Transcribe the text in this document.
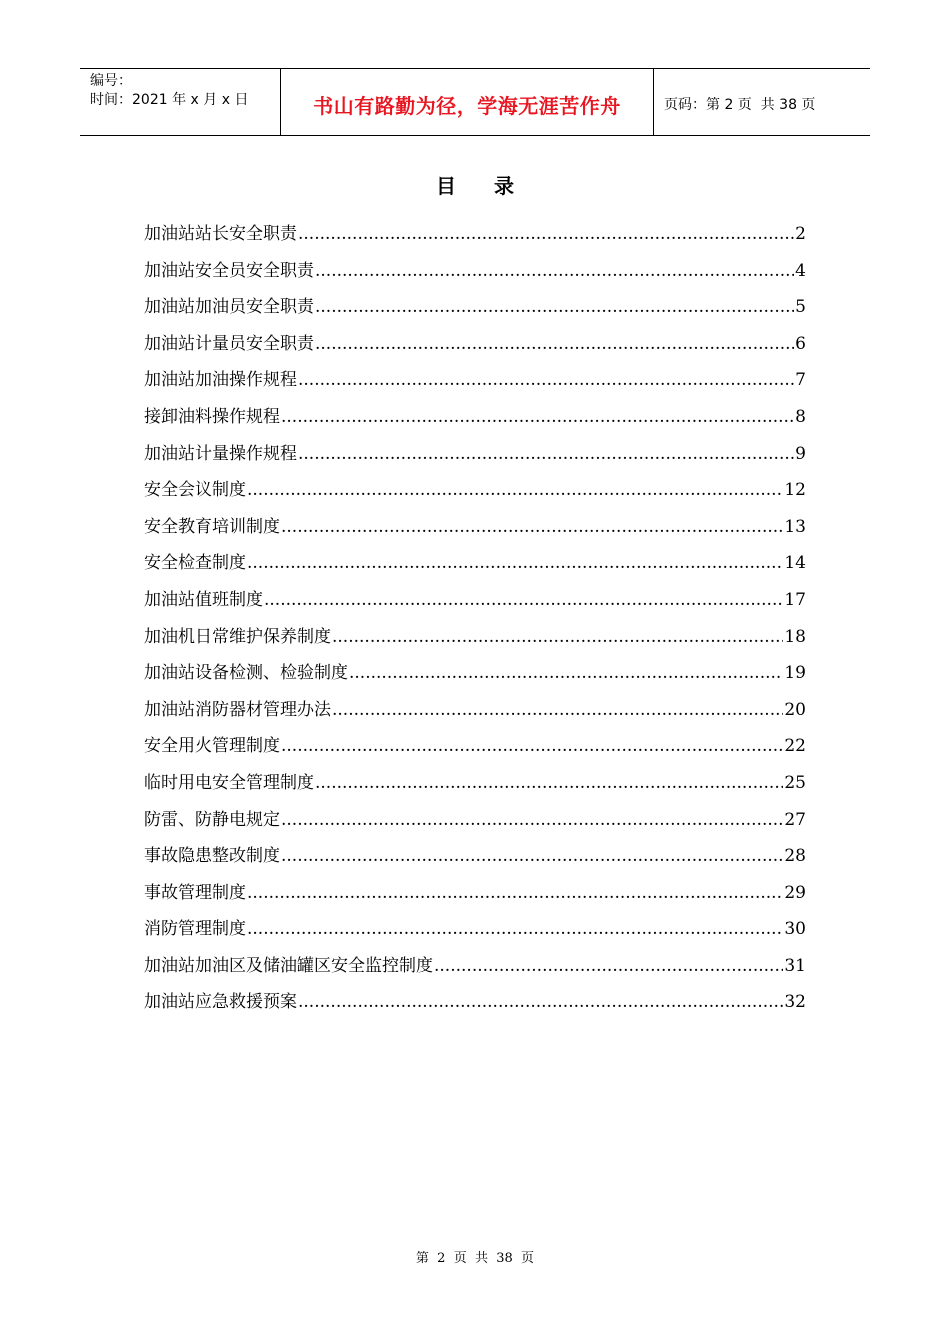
编号：
时间：2021 年 x 月 x 日	书山有路勤为径，学海无涯苦作舟	页码：第 2 页  共 38 页
目 录
加油站站长安全职责 .....	2
加油站安全员安全职责 .....	4
加油站加油员安全职责 .....	5
加油站计量员安全职责 .....	6
加油站加油操作规程 .....	7
接卸油料操作规程 .....	8
加油站计量操作规程 .....	9
安全会议制度 .....	12
安全教育培训制度 .....	13
安全检查制度 .....	14
加油站值班制度 .....	17
加油机日常维护保养制度 .....	18
加油站设备检测、检验制度 .....	19
加油站消防器材管理办法 .....	20
安全用火管理制度 .....	22
临时用电安全管理制度 .....	25
防雷、防静电规定 .....	27
事故隐患整改制度 .....	28
事故管理制度 .....	29
消防管理制度 .....	30
加油站加油区及储油罐区安全监控制度 .....	31
加油站应急救援预案 .....	32
第  2  页  共  38  页
